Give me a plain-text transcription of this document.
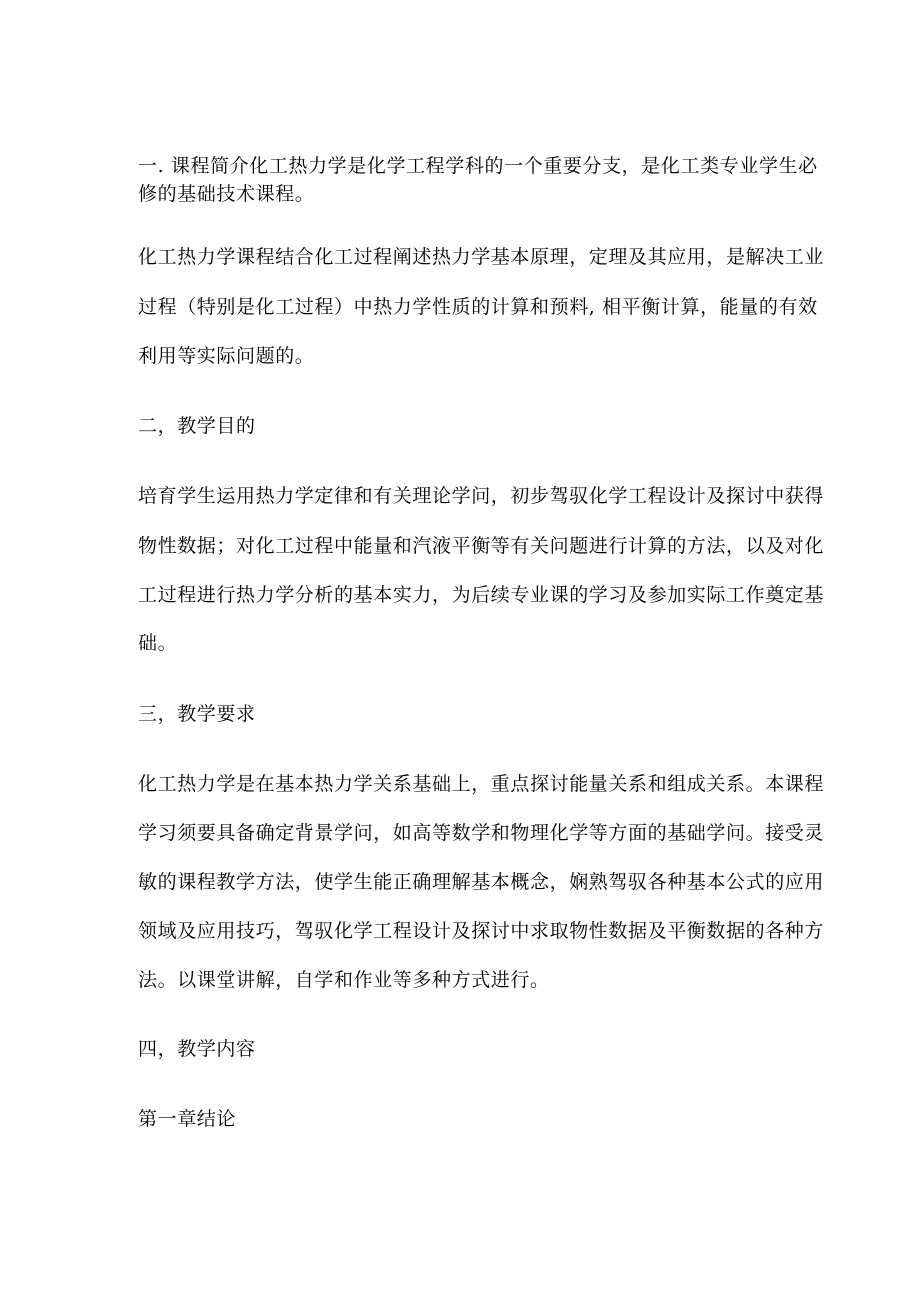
一. 课程简介化工热力学是化学工程学科的一个重要分支，是化工类专业学生必
修的基础技术课程。
化工热力学课程结合化工过程阐述热力学基本原理，定理及其应用，是解决工业
过程（特别是化工过程）中热力学性质的计算和预料, 相平衡计算，能量的有效
利用等实际问题的。
二，教学目的
培育学生运用热力学定律和有关理论学问，初步驾驭化学工程设计及探讨中获得
物性数据；对化工过程中能量和汽液平衡等有关问题进行计算的方法，以及对化
工过程进行热力学分析的基本实力，为后续专业课的学习及参加实际工作奠定基
础。
三，教学要求
化工热力学是在基本热力学关系基础上，重点探讨能量关系和组成关系。本课程
学习须要具备确定背景学问，如高等数学和物理化学等方面的基础学问。接受灵
敏的课程教学方法，使学生能正确理解基本概念，娴熟驾驭各种基本公式的应用
领域及应用技巧，驾驭化学工程设计及探讨中求取物性数据及平衡数据的各种方
法。以课堂讲解，自学和作业等多种方式进行。
四，教学内容
第一章结论
